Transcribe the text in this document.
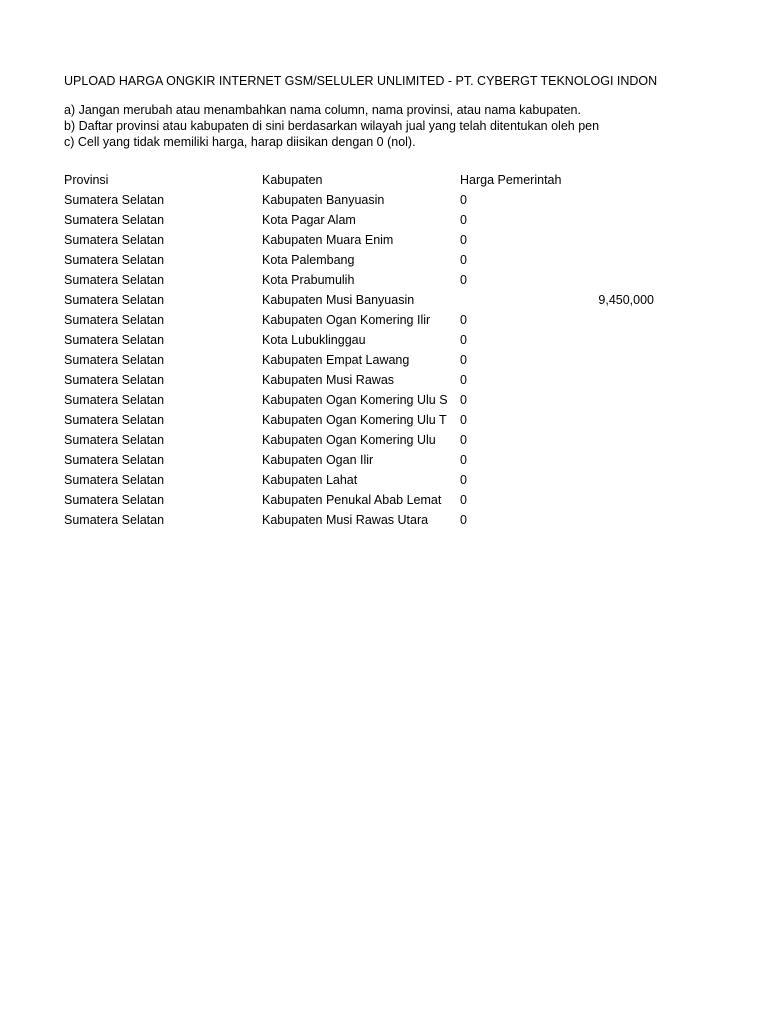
UPLOAD HARGA ONGKIR INTERNET GSM/SELULER UNLIMITED - PT. CYBERGT TEKNOLOGI INDON
a) Jangan merubah atau menambahkan nama column, nama provinsi, atau nama kabupaten.
b) Daftar provinsi atau kabupaten di sini berdasarkan wilayah jual yang telah ditentukan oleh pen
c) Cell yang tidak memiliki harga, harap diisikan dengan 0 (nol).
Provinsi	Kabupaten	Harga Pemerintah
Sumatera Selatan	Kabupaten Banyuasin	0
Sumatera Selatan	Kota Pagar Alam	0
Sumatera Selatan	Kabupaten Muara Enim	0
Sumatera Selatan	Kota Palembang	0
Sumatera Selatan	Kota Prabumulih	0
Sumatera Selatan	Kabupaten Musi Banyuasin	9,450,000
Sumatera Selatan	Kabupaten Ogan Komering Ilir	0
Sumatera Selatan	Kota Lubuklinggau	0
Sumatera Selatan	Kabupaten Empat Lawang	0
Sumatera Selatan	Kabupaten Musi Rawas	0
Sumatera Selatan	Kabupaten Ogan Komering Ulu S 0
Sumatera Selatan	Kabupaten Ogan Komering Ulu T	0
Sumatera Selatan	Kabupaten Ogan Komering Ulu	0
Sumatera Selatan	Kabupaten Ogan Ilir	0
Sumatera Selatan	Kabupaten Lahat	0
Sumatera Selatan	Kabupaten Penukal Abab Lemat	0
Sumatera Selatan	Kabupaten Musi Rawas Utara	0
